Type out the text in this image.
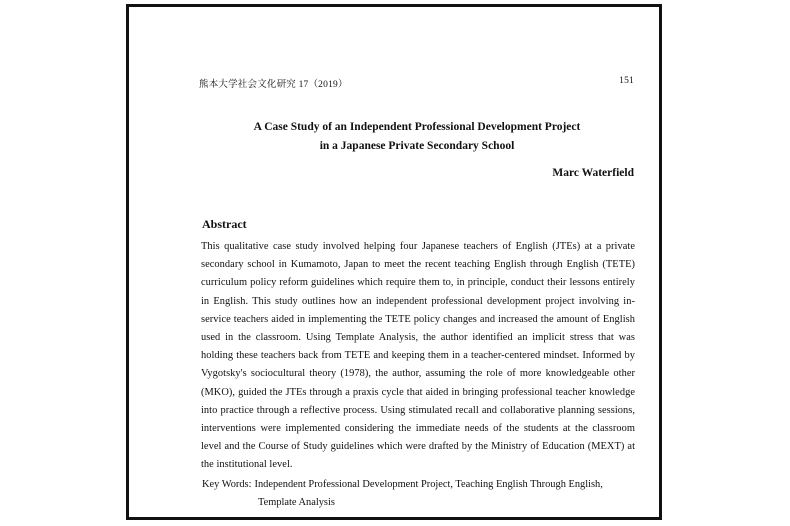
熊本大学社会文化研究 17（2019）	151
A Case Study of an Independent Professional Development Project
in a Japanese Private Secondary School
Marc Waterfield
Abstract
This qualitative case study involved helping four Japanese teachers of English (JTEs) at a private secondary school in Kumamoto, Japan to meet the recent teaching English through English (TETE) curriculum policy reform guidelines which require them to, in principle, conduct their lessons entirely in English. This study outlines how an independent professional development project involving in-service teachers aided in implementing the TETE policy changes and increased the amount of English used in the classroom. Using Template Analysis, the author identified an implicit stress that was holding these teachers back from TETE and keeping them in a teacher-centered mindset. Informed by Vygotsky's sociocultural theory (1978), the author, assuming the role of more knowledgeable other (MKO), guided the JTEs through a praxis cycle that aided in bringing professional teacher knowledge into practice through a reflective process. Using stimulated recall and collaborative planning sessions, interventions were implemented considering the immediate needs of the students at the classroom level and the Course of Study guidelines which were drafted by the Ministry of Education (MEXT) at the institutional level.
Key Words: Independent Professional Development Project, Teaching English Through English,
Template Analysis
